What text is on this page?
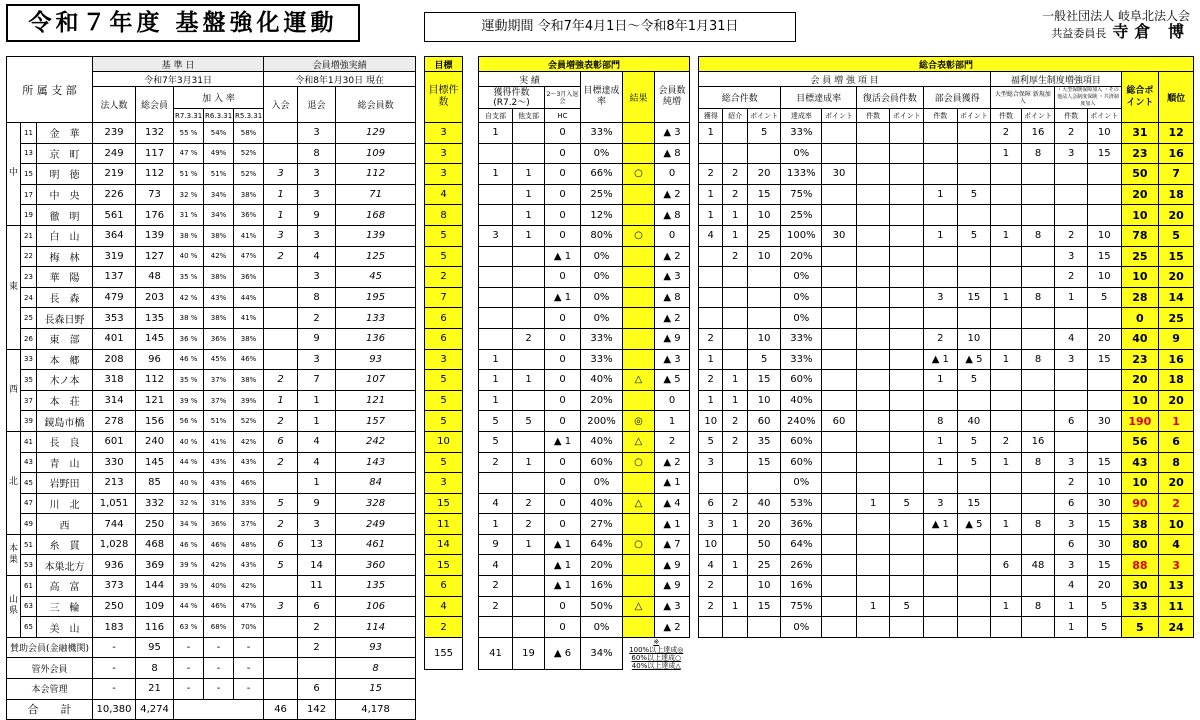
令和７年度 基盤強化運動	運動期間 令和7年4月1日～令和8年1月31日
一般社団法人 岐阜北法人会
共益委員長 寺倉 博
所 属 支 部			基 準 日					会員増強実績		
			令和7年3月31日					令和8年1月30日 現在		
			法人数	総会員	加 入 率			入会	退会	総会員数
					R7.3.31	R6.3.31	R5.3.31			
中	11	金　華	239	132	55 %	54%	58%		3	129
	13	京　町	249	117	47 %	49%	52%		8	109
	15	明　徳	219	112	51 %	51%	52%	3	3	112
	17	中　央	226	73	32 %	34%	38%	1	3	71
	19	徹　明	561	176	31 %	34%	36%	1	9	168
東	21	白　山	364	139	38 %	38%	41%	3	3	139
	22	梅　林	319	127	40 %	42%	47%	2	4	125
	23	華　陽	137	48	35 %	38%	36%		3	45
	24	長　森	479	203	42 %	43%	44%		8	195
	25	長森日野	353	135	38 %	38%	41%		2	133
	26	東　部	401	145	36 %	36%	38%		9	136
西	33	本　郷	208	96	46 %	45%	46%		3	93
	35	木ノ本	318	112	35 %	37%	38%	2	7	107
	37	本　荘	314	121	39 %	37%	39%	1	1	121
	39	鏡島市橋	278	156	56 %	51%	52%	2	1	157
北	41	長　良	601	240	40 %	41%	42%	6	4	242
	43	青　山	330	145	44 %	43%	43%	2	4	143
	45	岩野田	213	85	40 %	43%	46%		1	84
	47	川　北	1,051	332	32 %	31%	33%	5	9	328
	49	西	744	250	34 %	36%	37%	2	3	249
本巣	51	糸　貫	1,028	468	46 %	46%	48%	6	13	461
	53	本巣北方	936	369	39 %	42%	43%	5	14	360
山県	61	高　富	373	144	39 %	40%	42%		11	135
	63	三　輪	250	109	44 %	46%	47%	3	6	106
	65	美　山	183	116	63 %	68%	70%		2	114
賛助会員(金融機関)			-	95	-	-	-		2	93
管外会員			-	8	-	-	-			8
本会管理			-	21	-	-	-		6	15
合　　計			10,380	4,274				46	142	4,178
目標		会員増強表彰部門					
目標件数		実 績			目標達成率	結果	会員数純増
		獲得件数
(R7.2～)		2～3月入退会			
		自支部	他支部	HC			
3		1		0	33%		▲ 3
3				0	0%		▲ 8
3		1	1	0	66%	○	0
4			1	0	25%		▲ 2
8			1	0	12%		▲ 8
5		3	1	0	80%	○	0
5				▲ 1	0%		▲ 2
2				0	0%		▲ 3
7				▲ 1	0%		▲ 8
6				0	0%		▲ 2
6			2	0	33%		▲ 9
3		1		0	33%		▲ 3
5		1	1	0	40%	△	▲ 5
5		1		0	20%		0
5		5	5	0	200%	◎	1
10		5		▲ 1	40%	△	2
5		2	1	0	60%	○	▲ 2
3				0	0%		▲ 1
15		4	2	0	40%	△	▲ 4
11		1	2	0	27%		▲ 1
14		9	1	▲ 1	64%	○	▲ 7
15		4		▲ 1	20%		▲ 9
6		2		▲ 1	16%		▲ 9
4		2		0	50%	△	▲ 3
2				0	0%		▲ 2
155		41	19	▲ 6	34%	※
100%以上達成◎
60%以上達成○
40%以上達成△	
総合表彰部門														
会 員 増 強 項 目									福利厚生制度増強項目				総合ポイント	順位
総合件数			目標達成率		復活会員件数		部会員獲得		大型総合保障 新規加入		・大型保険保障加入 ・その他法人会制度保険 ・共済制度加入			
獲得	紹介	ポイント	達成率	ポイント	件数	ポイント	件数	ポイント	件数	ポイント	件数	ポイント		
1		5	33%						2	16	2	10	31	12
			0%						1	8	3	15	23	16
2	2	20	133%	30									50	7
1	2	15	75%				1	5					20	18
1	1	10	25%										10	20
4	1	25	100%	30			1	5	1	8	2	10	78	5
	2	10	20%								3	15	25	15
			0%								2	10	10	20
			0%				3	15	1	8	1	5	28	14
			0%										0	25
2		10	33%				2	10			4	20	40	9
1		5	33%				▲ 1	▲ 5	1	8	3	15	23	16
2	1	15	60%				1	5					20	18
1	1	10	40%										10	20
10	2	60	240%	60			8	40			6	30	190	1
5	2	35	60%				1	5	2	16			56	6
3		15	60%				1	5	1	8	3	15	43	8
			0%								2	10	10	20
6	2	40	53%		1	5	3	15			6	30	90	2
3	1	20	36%				▲ 1	▲ 5	1	8	3	15	38	10
10		50	64%								6	30	80	4
4	1	25	26%						6	48	3	15	88	3
2		10	16%								4	20	30	13
2	1	15	75%		1	5			1	8	1	5	33	11
			0%								1	5	5	24
